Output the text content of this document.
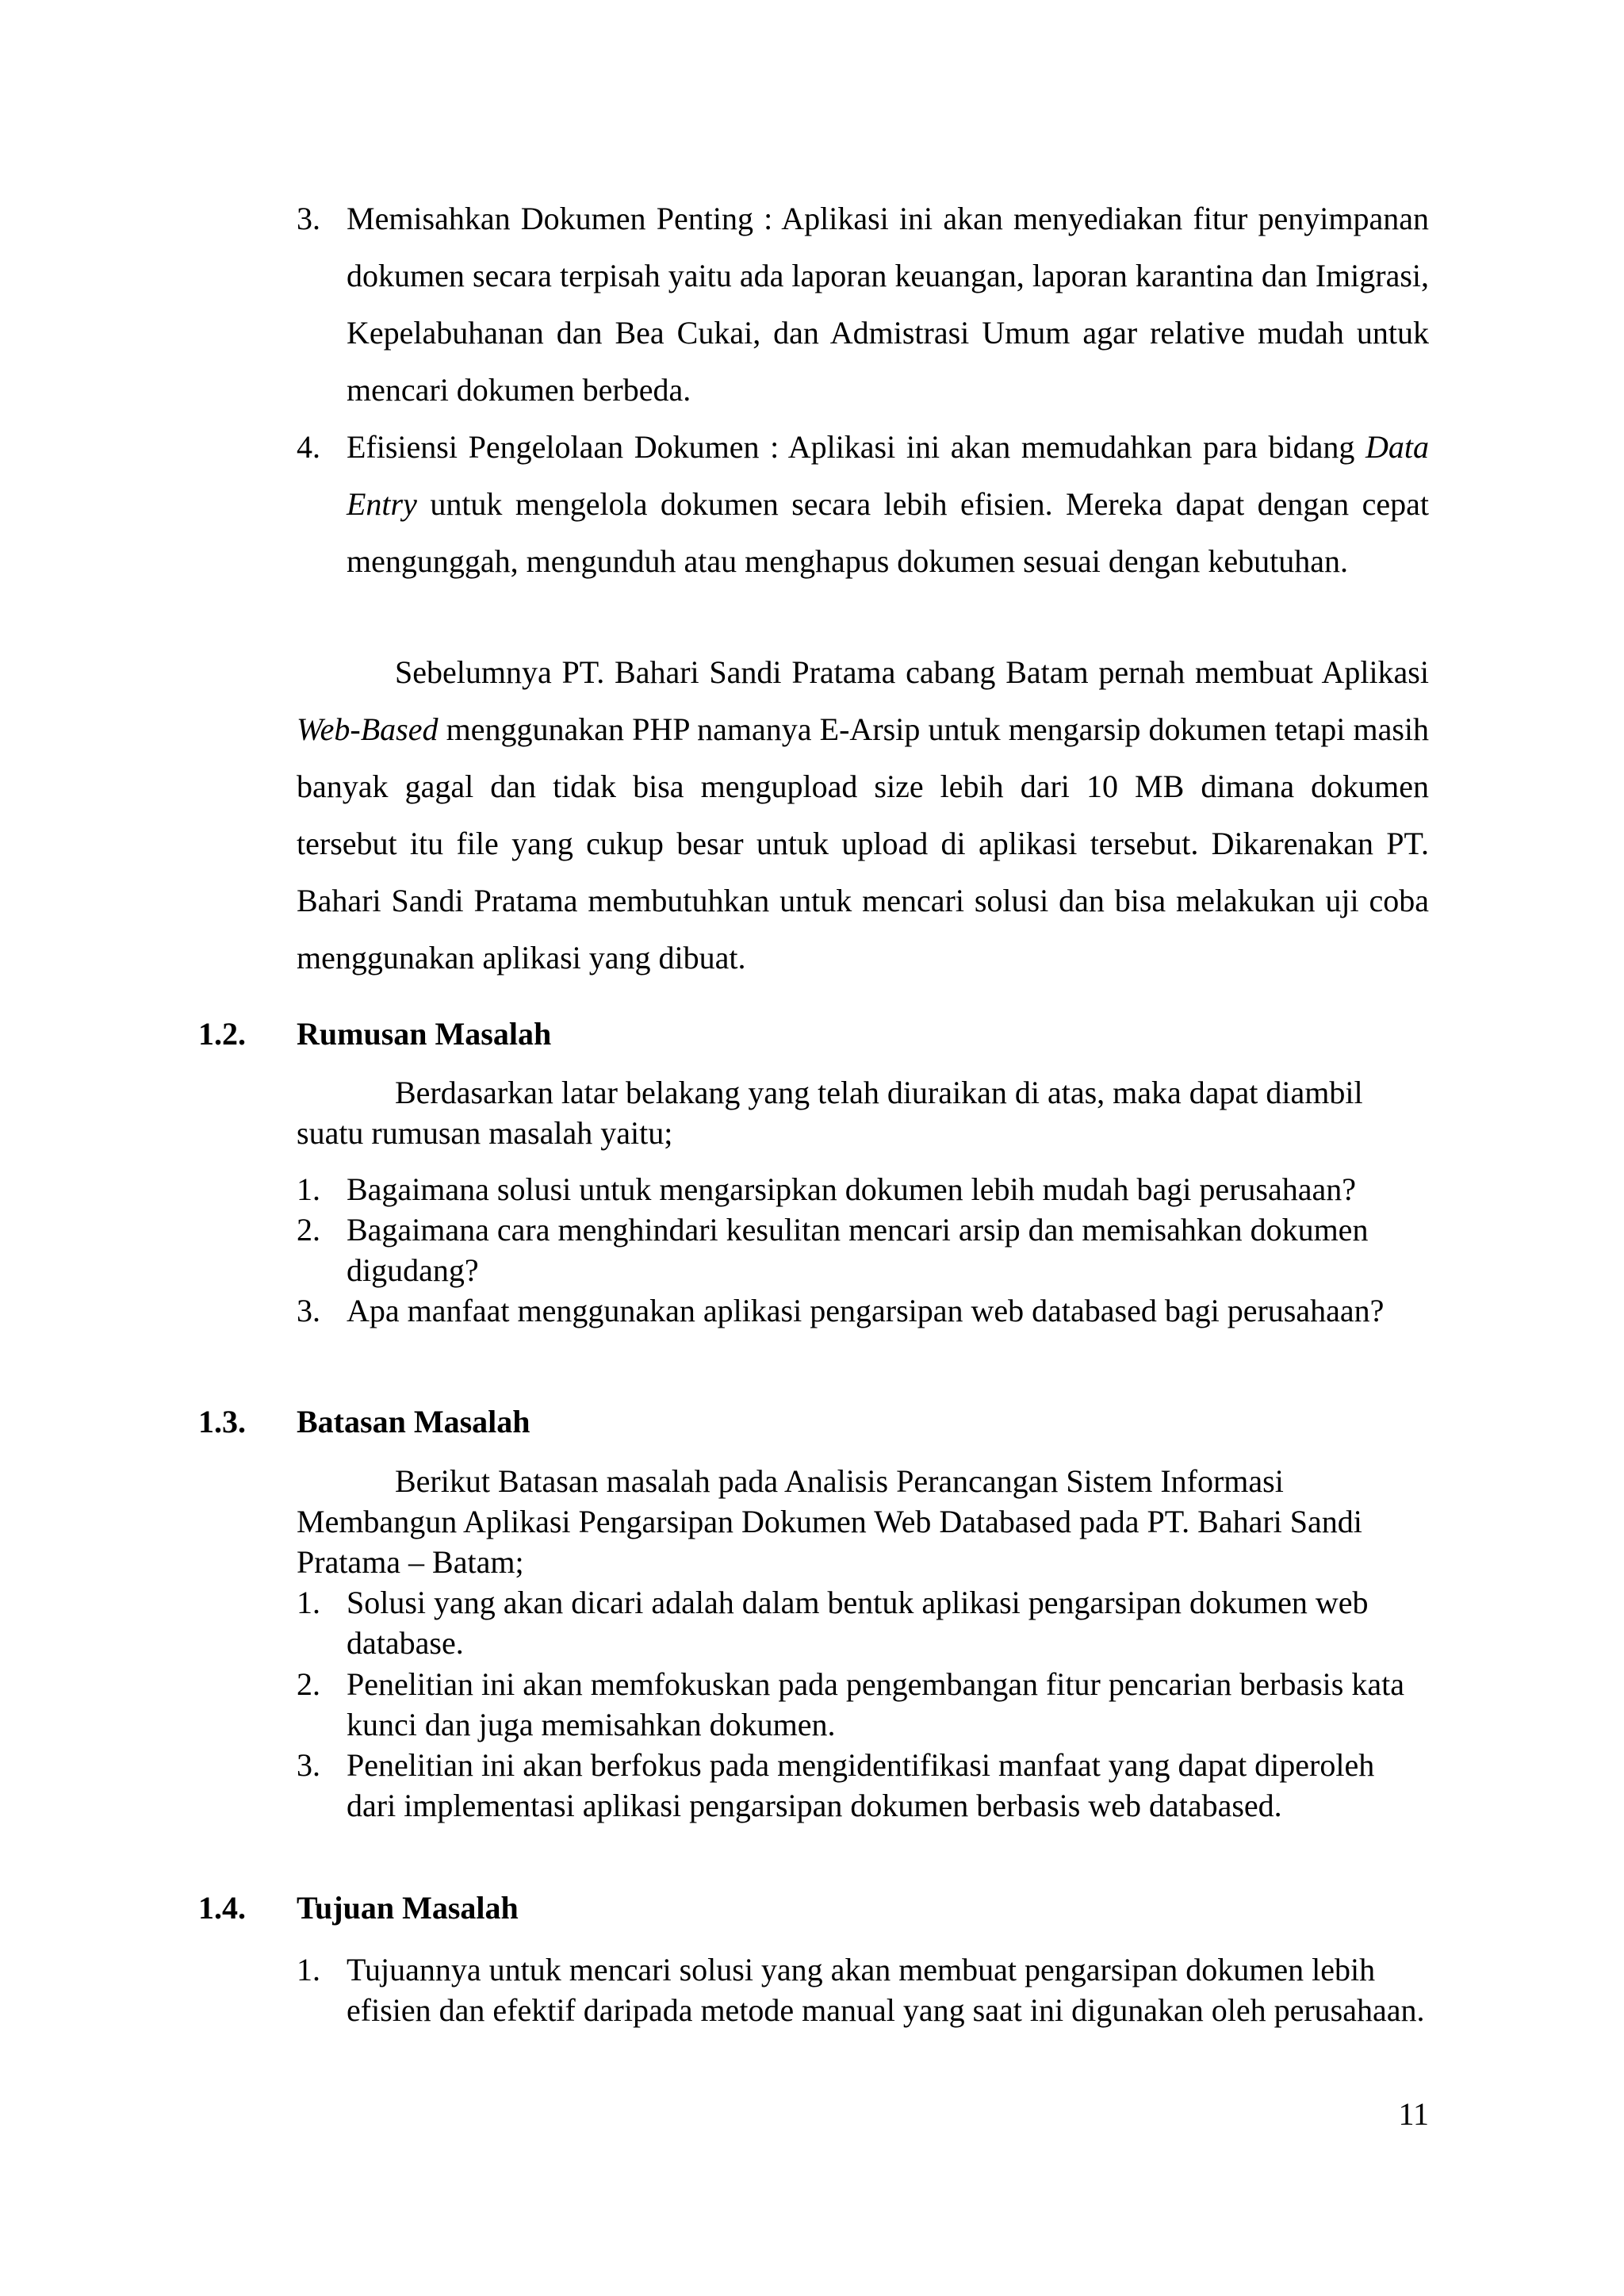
3. Memisahkan Dokumen Penting : Aplikasi ini akan menyediakan fitur penyimpanan dokumen secara terpisah yaitu ada laporan keuangan, laporan karantina dan Imigrasi, Kepelabuhanan dan Bea Cukai, dan Admistrasi Umum agar relative mudah untuk mencari dokumen berbeda.
4. Efisiensi Pengelolaan Dokumen : Aplikasi ini akan memudahkan para bidang Data Entry untuk mengelola dokumen secara lebih efisien. Mereka dapat dengan cepat mengunggah, mengunduh atau menghapus dokumen sesuai dengan kebutuhan.

Sebelumnya PT. Bahari Sandi Pratama cabang Batam pernah membuat Aplikasi Web-Based menggunakan PHP namanya E-Arsip untuk mengarsip dokumen tetapi masih banyak gagal dan tidak bisa mengupload size lebih dari 10 MB dimana dokumen tersebut itu file yang cukup besar untuk upload di aplikasi tersebut. Dikarenakan PT. Bahari Sandi Pratama membutuhkan untuk mencari solusi dan bisa melakukan uji coba menggunakan aplikasi yang dibuat.

1.2. Rumusan Masalah

Berdasarkan latar belakang yang telah diuraikan di atas, maka dapat diambil suatu rumusan masalah yaitu;

1. Bagaimana solusi untuk mengarsipkan dokumen lebih mudah bagi perusahaan?
2. Bagaimana cara menghindari kesulitan mencari arsip dan memisahkan dokumen digudang?
3. Apa manfaat menggunakan aplikasi pengarsipan web databased bagi perusahaan?
1.3. Batasan Masalah

Berikut Batasan masalah pada Analisis Perancangan Sistem Informasi Membangun Aplikasi Pengarsipan Dokumen Web Databased pada PT. Bahari Sandi Pratama – Batam;

1. Solusi yang akan dicari adalah dalam bentuk aplikasi pengarsipan dokumen web database.
2. Penelitian ini akan memfokuskan pada pengembangan fitur pencarian berbasis kata kunci dan juga memisahkan dokumen.
3. Penelitian ini akan berfokus pada mengidentifikasi manfaat yang dapat diperoleh dari implementasi aplikasi pengarsipan dokumen berbasis web databased.
1.4. Tujuan Masalah
1. Tujuannya untuk mencari solusi yang akan membuat pengarsipan dokumen lebih efisien dan efektif daripada metode manual yang saat ini digunakan oleh perusahaan.
11
